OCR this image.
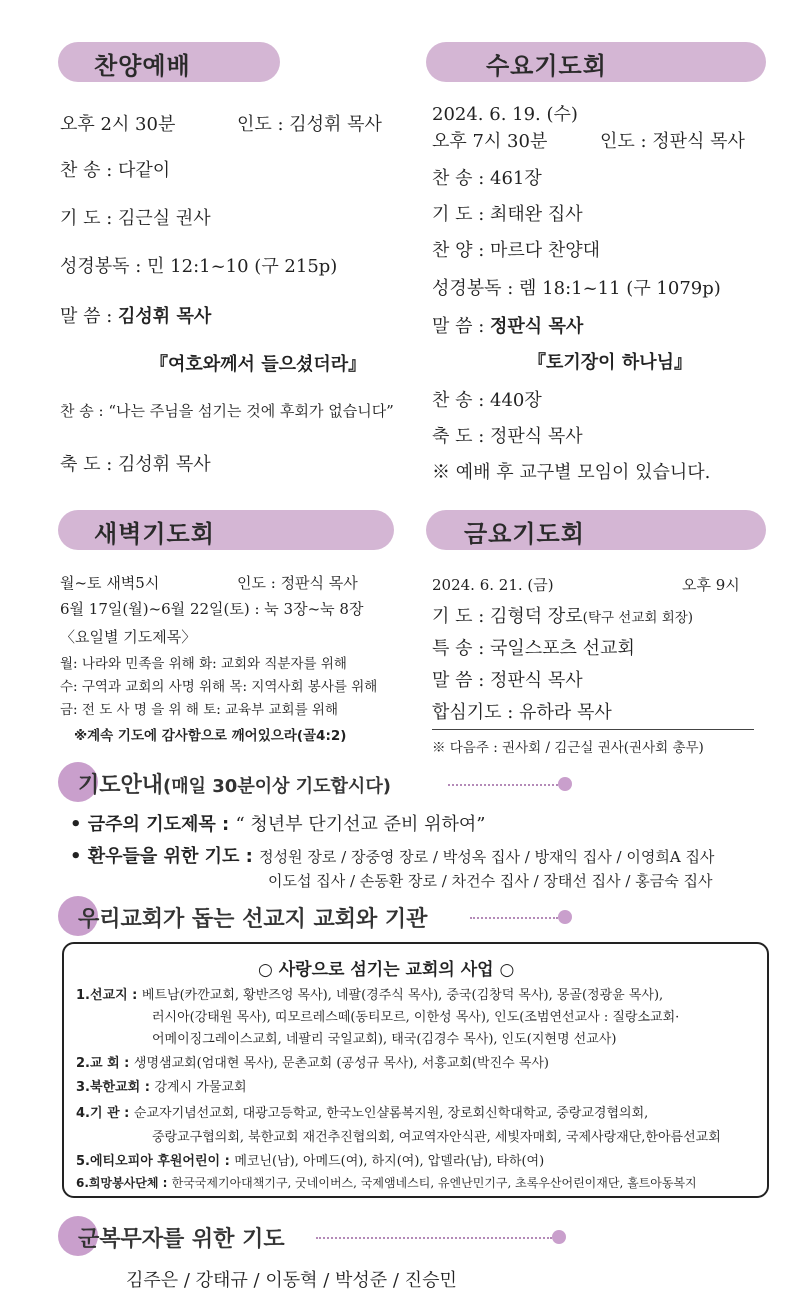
찬양예배
오후 2시 30분	인도 : 김성휘 목사
찬 송 : 다같이
기 도 : 김근실 권사
성경봉독 : 민 12:1~10 (구 215p)
말 씀 : 김성휘 목사
『여호와께서 들으셨더라』
찬 송 : “나는 주님을 섬기는 것에 후회가 없습니다”
축 도 : 김성휘 목사
수요기도회
2024. 6. 19. (수)
오후 7시 30분	인도 : 정판식 목사
찬 송 : 461장
기 도 : 최태완 집사
찬 양 : 마르다 찬양대
성경봉독 : 렘 18:1~11 (구 1079p)
말 씀 : 정판식 목사
『토기장이 하나님』
찬 송 : 440장
축 도 : 정판식 목사
※ 예배 후 교구별 모임이 있습니다.
새벽기도회
월~토 새벽5시	인도 : 정판식 목사
6월 17일(월)~6월 22일(토) : 눅 3장~눅 8장
〈요일별 기도제목〉
월: 나라와 민족을 위해 화: 교회와 직분자를 위해
수: 구역과 교회의 사명 위해 목: 지역사회 봉사를 위해
금: 전 도 사 명 을 위 해 토: 교육부 교회를 위해
※계속 기도에 감사함으로 깨어있으라(골4:2)
금요기도회
2024. 6. 21. (금)	오후 9시
기 도 : 김형덕 장로(탁구 선교회 회장)
특 송 : 국일스포츠 선교회
말 씀 : 정판식 목사
합심기도 : 유하라 목사
※ 다음주 : 권사회 / 김근실 권사(권사회 총무)
기도안내(매일 30분이상 기도합시다)
• 금주의 기도제목 : “ 청년부 단기선교 준비 위하여”
• 환우들을 위한 기도 : 정성원 장로 / 장중영 장로 / 박성옥 집사 / 방재익 집사 / 이영희A 집사
이도섭 집사 / 손동환 장로 / 차건수 집사 / 장태선 집사 / 홍금숙 집사
우리교회가 돕는 선교지 교회와 기관
○ 사랑으로 섬기는 교회의 사업 ○
1.선교지 : 베트남(카깐교회, 황반즈엉 목사), 네팔(경주식 목사), 중국(김창덕 목사), 몽골(정광윤 목사),
러시아(강태원 목사), 띠모르레스떼(동티모르, 이한성 목사), 인도(조범연선교사 : 질랑소교회·
어메이징그레이스교회, 네팔리 국일교회), 태국(김경수 목사), 인도(지현명 선교사)
2.교 회 : 생명샘교회(엄대현 목사), 문촌교회 (공성규 목사), 서흥교회(박진수 목사)
3.북한교회 : 강계시 가물교회
4.기 관 : 순교자기념선교회, 대광고등학교, 한국노인샬롬복지원, 장로회신학대학교, 중랑교경협의회,
중랑교구협의회, 북한교회 재건추진협의회, 여교역자안식관, 세빛자매회, 국제사랑재단,한아름선교회
5.에티오피아 후원어린이 : 메코닌(남), 아메드(여), 하지(여), 압델라(남), 타하(여)
6.희망봉사단체 : 한국국제기아대책기구, 굿네이버스, 국제앰네스티, 유엔난민기구, 초록우산어린이재단, 홀트아동복지
군복무자를 위한 기도
김주은 / 강태규 / 이동혁 / 박성준 / 진승민
